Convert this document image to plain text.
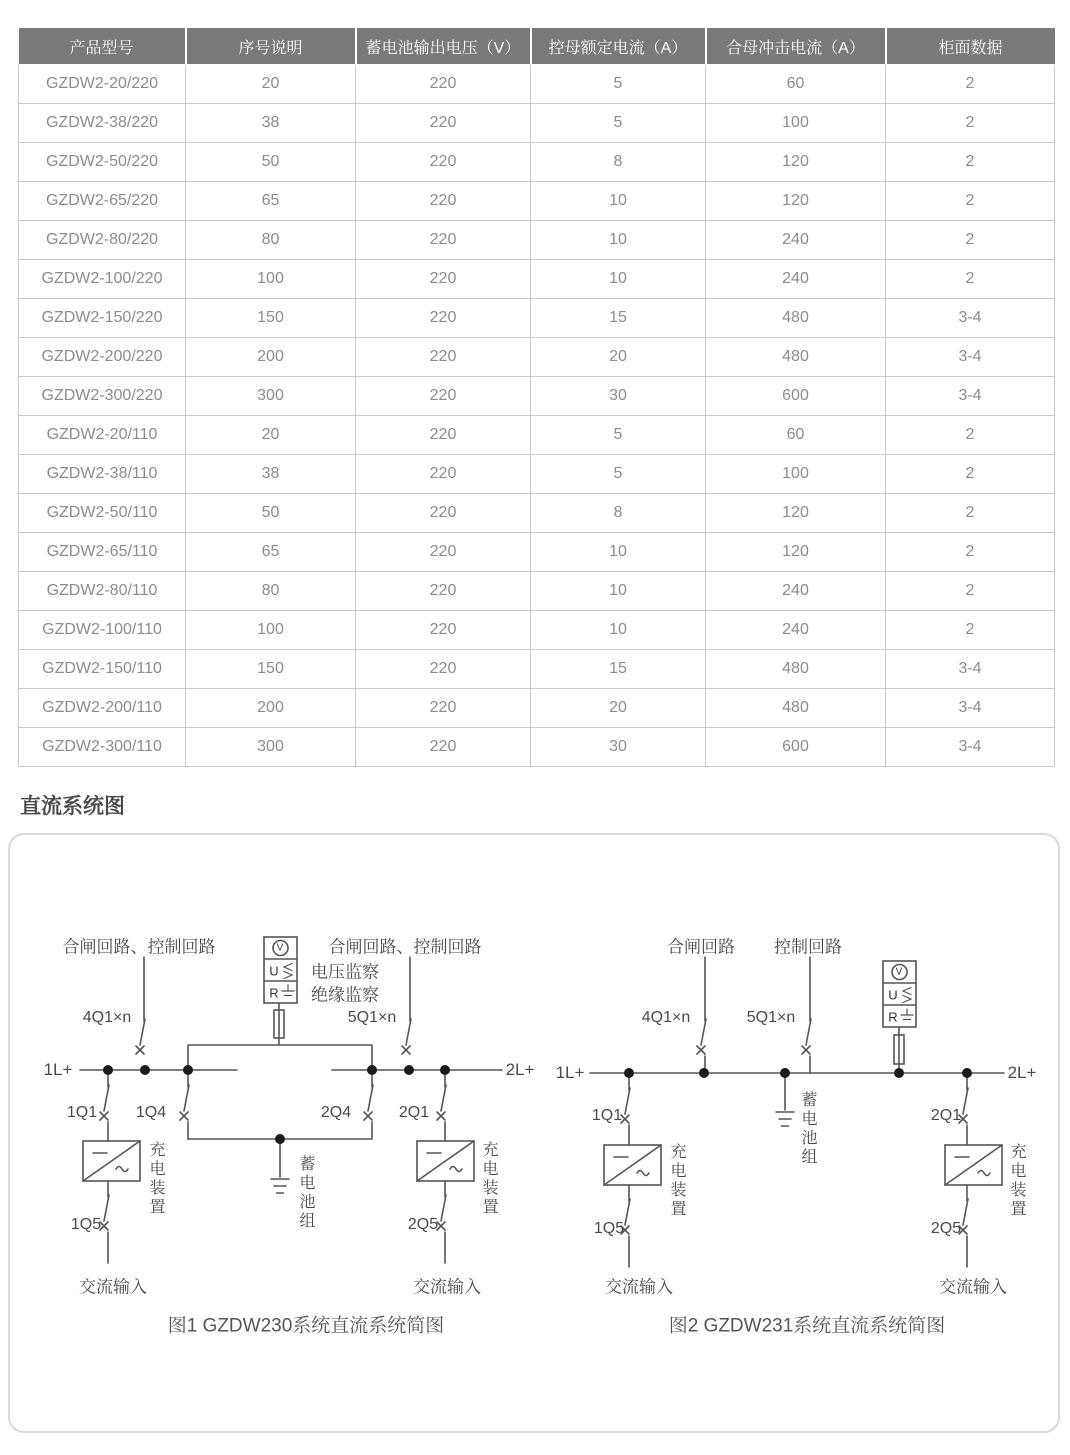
产品型号	序号说明	蓄电池输出电压（V）	控母额定电流（A）	合母冲击电流（A）	柜面数据
GZDW2-20/220	20	220	5	60	2
GZDW2-38/220	38	220	5	100	2
GZDW2-50/220	50	220	8	120	2
GZDW2-65/220	65	220	10	120	2
GZDW2-80/220	80	220	10	240	2
GZDW2-100/220	100	220	10	240	2
GZDW2-150/220	150	220	15	480	3-4
GZDW2-200/220	200	220	20	480	3-4
GZDW2-300/220	300	220	30	600	3-4
GZDW2-20/110	20	220	5	60	2
GZDW2-38/110	38	220	5	100	2
GZDW2-50/110	50	220	8	120	2
GZDW2-65/110	65	220	10	120	2
GZDW2-80/110	80	220	10	240	2
GZDW2-100/110	100	220	10	240	2
GZDW2-150/110	150	220	15	480	3-4
GZDW2-200/110	200	220	20	480	3-4
GZDW2-300/110	300	220	30	600	3-4
直流系统图
合闸回路、控制回路	合闸回路、控制回路
V
U
R
电压监察
绝缘监察
4Q1×n	5Q1×n
1L+	2L+
1Q1 1Q4	2Q4	2Q1
充电装置	充电装置
蓄电池组
1Q5	2Q5
交流输入	交流输入
图1 GZDW230系统直流系统简图
合闸回路 控制回路
4Q1×n	5Q1×n
V
U
R
1L+	2L+
1Q1	2Q1
蓄电池组
充电装置	充电装置
1Q5	2Q5
交流输入	交流输入
图2 GZDW231系统直流系统简图
